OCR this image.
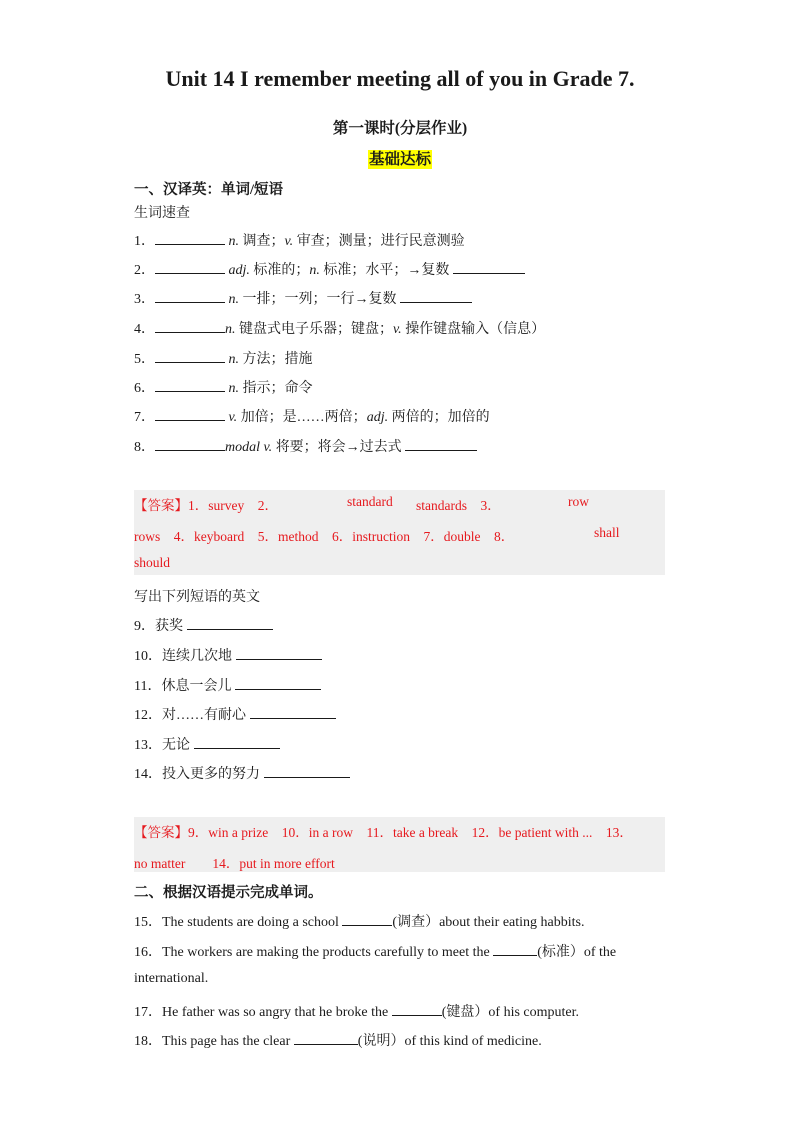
Unit 14 I remember meeting all of you in Grade 7.
第一课时(分层作业)
基础达标
一、汉译英：单词/短语
生词速查
1．	n. 调查；v. 审查；测量；进行民意测验
2．	adj. 标准的；n. 标准；水平；→复数
3．	n. 一排；一列；一行→复数
4．	n. 键盘式电子乐器；键盘；v. 操作键盘输入（信息）
5．	n. 方法；措施
6．	n. 指示；命令
7．	v. 加倍；是……两倍；adj. 两倍的；加倍的
8．	modal v. 将要；将会→过去式
【答案】1．survey　2．	standard standards　3．	row
rows　4．keyboard　5．method　6．instruction　7．double　8．	shall
should
写出下列短语的英文
9．获奖
10．连续几次地
11．休息一会儿
12．对……有耐心
13．无论
14．投入更多的努力
【答案】9．win a prize　10．in a row　11．take a break　12．be patient with ...　13．
no matter　　14．put in more effort
二、根据汉语提示完成单词。
15．The students are doing a school	(调查）about their eating habbits.
16．The workers are making the products carefully to meet the	(标准）of the
international.
17．He father was so angry that he broke the	(键盘）of his computer.
18．This page has the clear	(说明）of this kind of medicine.
